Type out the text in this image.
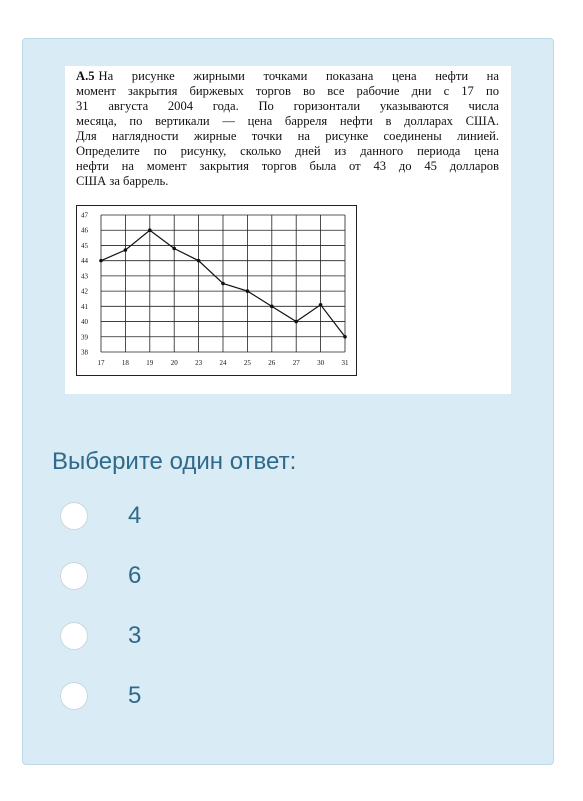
A.5 На рисунке жирными точками показана цена нефти на
момент закрытия биржевых торгов во все рабочие дни с 17 по
31 августа 2004 года. По горизонтали указываются числа
месяца, по вертикали — цена барреля нефти в долларах США.
Для наглядности жирные точки на рисунке соединены линией.
Определите по рисунку, сколько дней из данного периода цена
нефти на момент закрытия торгов была от 43 до 45 долларов
США за баррель.
38
39
40
41
42
43
44
45
46
47
17 18 19 20 23 24 25 26 27 30 31
Выберите один ответ:
4
6
3
5
